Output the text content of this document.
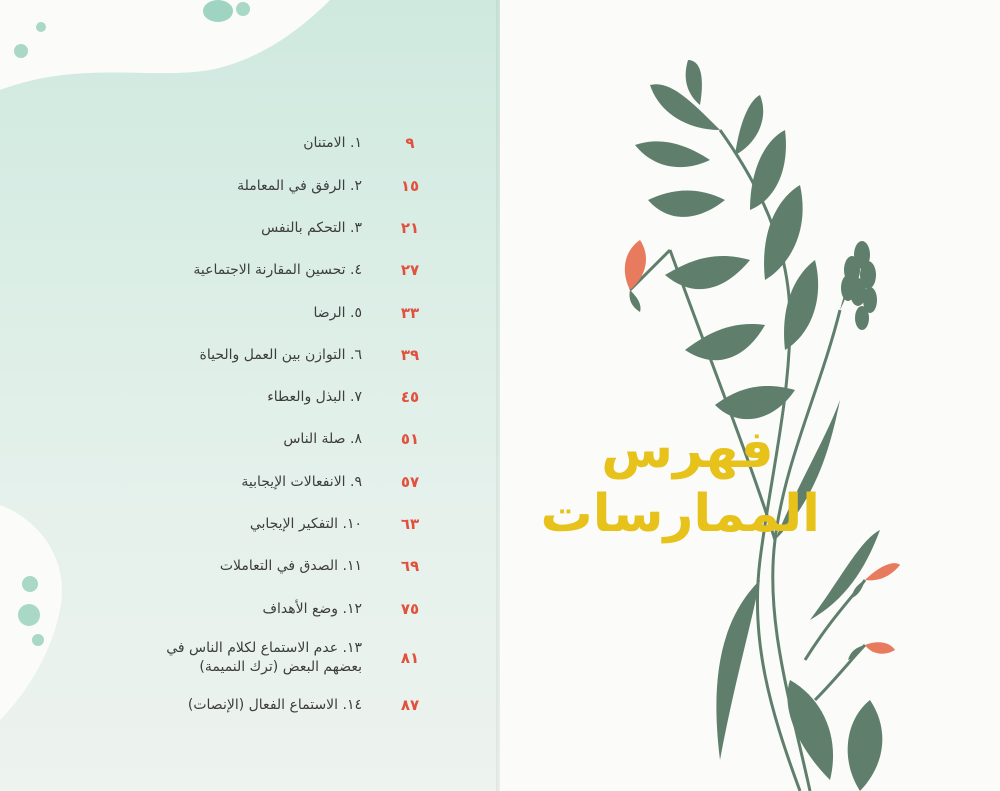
٩
١. الامتنان
١٥
٢. الرفق في المعاملة
٢١
٣. التحكم بالنفس
٢٧
٤. تحسين المقارنة الاجتماعية
٣٣
٥. الرضا
٣٩
٦. التوازن بين العمل والحياة
٤٥
٧. البذل والعطاء
٥١
٨. صلة الناس
٥٧
٩. الانفعالات الإيجابية
٦٣
١٠. التفكير الإيجابي
٦٩
١١. الصدق في التعاملات
٧٥
١٢. وضع الأهداف
٨١
١٣. عدم الاستماع لكلام الناس في بعضهم البعض (ترك النميمة)
٨٧
١٤. الاستماع الفعال (الإنصات)
فهرس
الممارسات
